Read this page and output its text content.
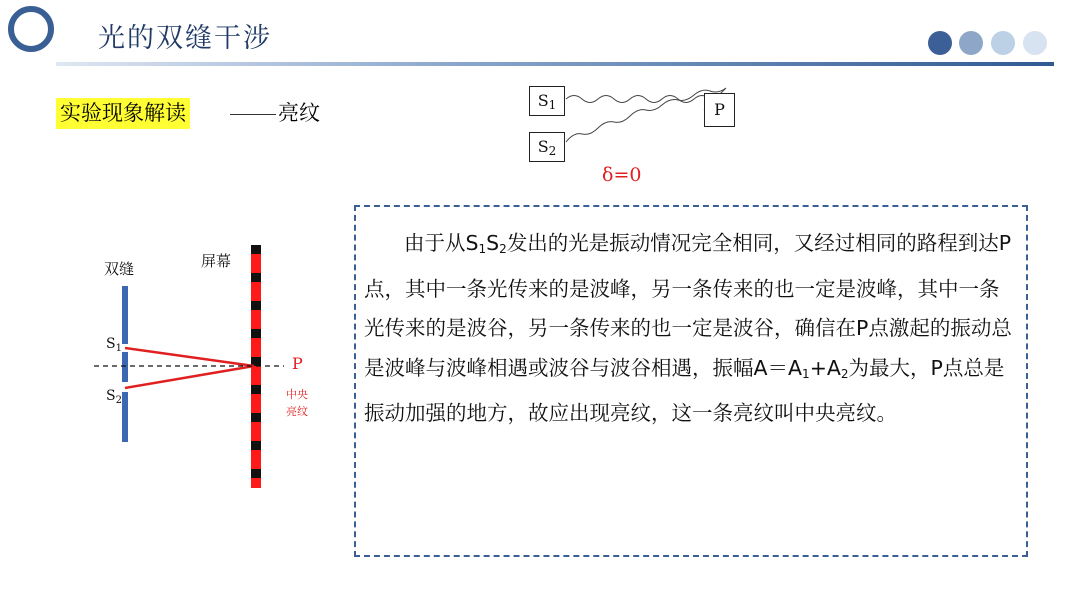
光的双缝干涉
实验现象解读	亮纹
$S_1$
$S_2$
P
δ=0
双缝	屏幕
$S_1$
$S_2$
P
中央
亮纹
由于从$S_1S_2$发出的光是振动情况完全相同，又经过相同的路程到达P点，其中一条光传来的是波峰，另一条传来的也一定是波峰，其中一条光传来的是波谷，另一条传来的也一定是波谷，确信在P点激起的振动总是波峰与波峰相遇或波谷与波谷相遇，振幅$A=A_1+A_2$为最大，P点总是振动加强的地方，故应出现亮纹，这一条亮纹叫中央亮纹。
